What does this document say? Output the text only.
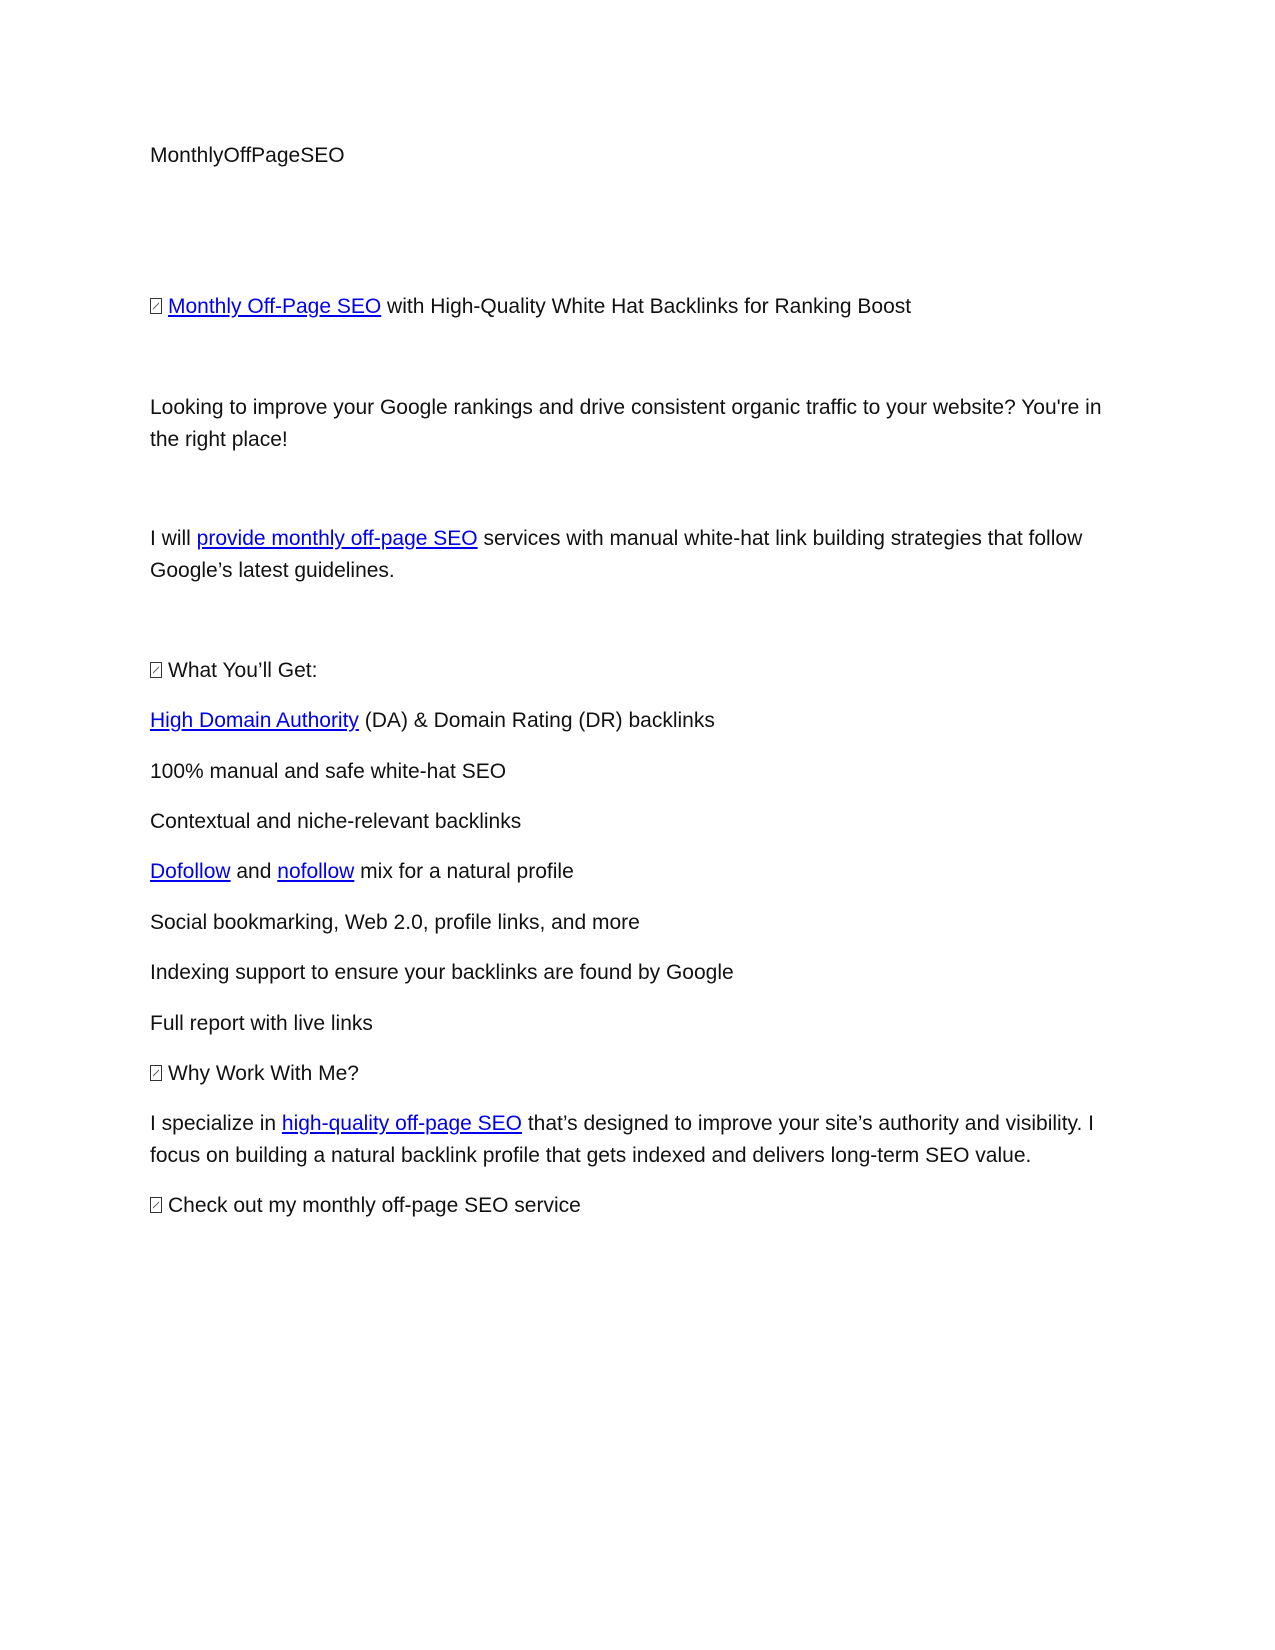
MonthlyOffPageSEO
Monthly Off-Page SEO with High-Quality White Hat Backlinks for Ranking Boost
Looking to improve your Google rankings and drive consistent organic traffic to your website? You're in the right place!
I will provide monthly off-page SEO services with manual white-hat link building strategies that follow Google’s latest guidelines.
What You’ll Get:
High Domain Authority (DA) & Domain Rating (DR) backlinks
100% manual and safe white-hat SEO
Contextual and niche-relevant backlinks
Dofollow and nofollow mix for a natural profile
Social bookmarking, Web 2.0, profile links, and more
Indexing support to ensure your backlinks are found by Google
Full report with live links
Why Work With Me?
I specialize in high-quality off-page SEO that’s designed to improve your site’s authority and visibility. I focus on building a natural backlink profile that gets indexed and delivers long-term SEO value.
Check out my monthly off-page SEO service
